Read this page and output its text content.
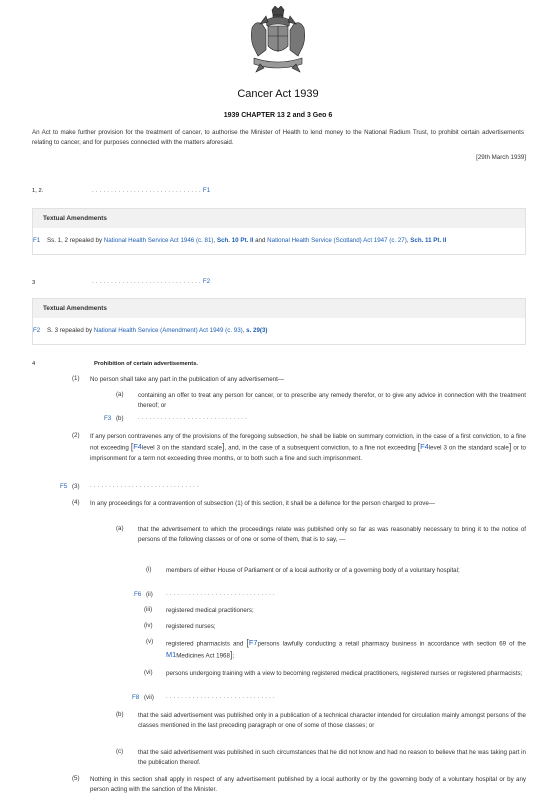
Cancer Act 1939
1939 CHAPTER 13 2 and 3 Geo 6
An Act to make further provision for the treatment of cancer, to authorise the Minister of Health to lend money to the National Radium Trust, to prohibit certain advertisements relating to cancer, and for purposes connected with the matters aforesaid.
[29th March 1939]
1, 2.	. . . . . . . . . . . . . . . . . . . . . . . . . . . . . F1
Textual Amendments
F1 Ss. 1, 2 repealed by National Health Service Act 1946 (c. 81), Sch. 10 Pt. II and National Health Service (Scotland) Act 1947 (c. 27), Sch. 11 Pt. II
3	. . . . . . . . . . . . . . . . . . . . . . . . . . . . . F2
Textual Amendments
F2 S. 3 repealed by National Health Service (Amendment) Act 1949 (c. 93), s. 29(3)
4	Prohibition of certain advertisements.
(1) No person shall take any part in the publication of any advertisement—
(a) containing an offer to treat any person for cancer, or to prescribe any remedy therefor, or to give any advice in connection with the treatment thereof; or
F3 (b) . . . . . . . . . . . . . . . . . . . . . . . . . . . . .
(2) If any person contravenes any of the provisions of the foregoing subsection, he shall be liable on summary conviction, in the case of a first conviction, to a fine not exceeding [F4level 3 on the standard scale], and, in the case of a subsequent conviction, to a fine not exceeding [F4level 3 on the standard scale] or to imprisonment for a term not exceeding three months, or to both such a fine and such imprisonment.
F5 (3) . . . . . . . . . . . . . . . . . . . . . . . . . . . . .
(4) In any proceedings for a contravention of subsection (1) of this section, it shall be a defence for the person charged to prove—
(a) that the advertisement to which the proceedings relate was published only so far as was reasonably necessary to bring it to the notice of persons of the following classes or of one or some of them, that is to say, —
(i) members of either House of Parliament or of a local authority or of a governing body of a voluntary hospital;
F6 (ii) . . . . . . . . . . . . . . . . . . . . . . . . . . . . .
(iii) registered medical practitioners;
(iv) registered nurses;
(v) registered pharmacists and [F7persons lawfully conducting a retail pharmacy business in accordance with section 69 of the M1Medicines Act 1968];
(vi) persons undergoing training with a view to becoming registered medical practitioners, registered nurses or registered pharmacists;
F8 (vii) . . . . . . . . . . . . . . . . . . . . . . . . . . . . .
(b) that the said advertisement was published only in a publication of a technical character intended for circulation mainly amongst persons of the classes mentioned in the last preceding paragraph or one of some of those classes; or
(c) that the said advertisement was published in such circumstances that he did not know and had no reason to believe that he was taking part in the publication thereof.
(5) Nothing in this section shall apply in respect of any advertisement published by a local authority or by the governing body of a voluntary hospital or by any person acting with the sanction of the Minister.
